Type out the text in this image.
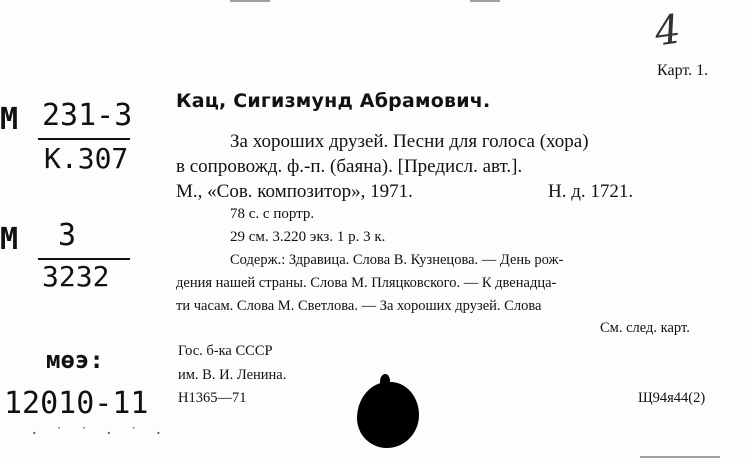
4
Карт. 1.
М 231-3
К.307
М 3
3232
мөэ:
12010-11
· ˙ ˙ · ˙ ·
Кац, Сигизмунд Абрамович.
За хороших друзей. Песни для голоса (хора)
в сопровожд. ф.-п. (баяна). [Предисл. авт.].
М., «Сов. композитор», 1971.	Н. д. 1721.
78 с. с портр.
29 см. 3.220 экз. 1 р. 3 к.
Содерж.: Здравица. Слова В. Кузнецова. — День рож-
дения нашей страны. Слова М. Пляцковского. — К двенадца-
ти часам. Слова М. Светлова. — За хороших друзей. Слова
См. след. карт.
Гос. б-ка СССР
им. В. И. Ленина.
Н1365—71	Щ94я44(2)
